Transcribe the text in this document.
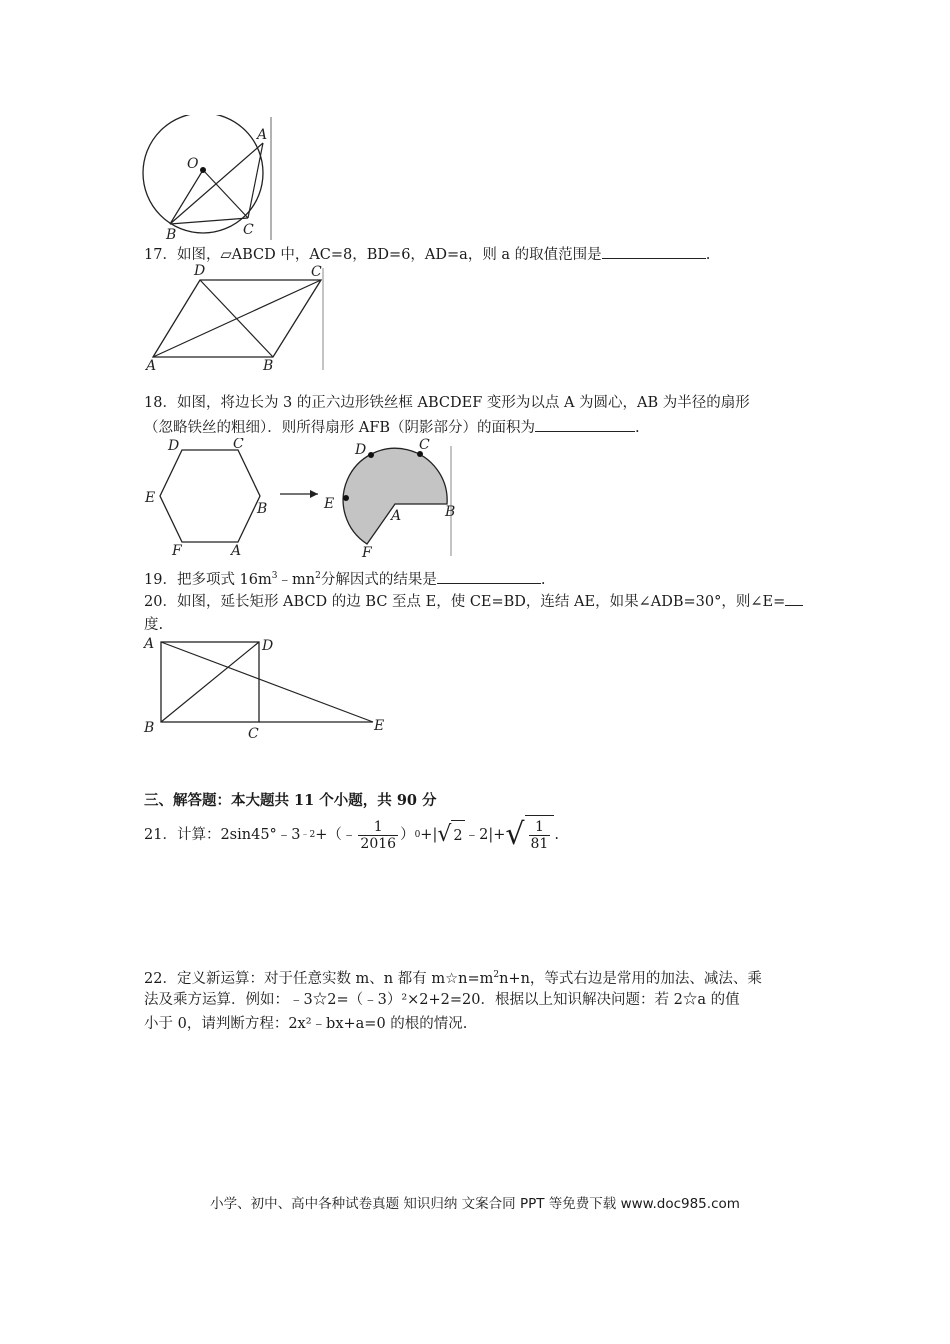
O
A
B	C
17．如图，▱ABCD 中，AC=8，BD=6，AD=a，则 a 的取值范围是	.
A	B
C
D
18．如图，将边长为 3 的正六边形铁丝框 ABCDEF 变形为以点 A 为圆心，AB 为半径的扇形
（忽略铁丝的粗细）．则所得扇形 AFB（阴影部分）的面积为	.
D	C
E
B
F	A
D	C
E
A	B
F
19．把多项式 $16m^3﹣mn^2$分解因式的结果是	.
20．如图，延长矩形 ABCD 的边 BC 至点 E，使 CE=BD，连结 AE，如果∠ADB=30°，则∠E=
度.
A	D
B	C	E
三、解答题：本大题共 11 个小题，共 90 分
21．计算：2sin45°﹣3 ﹣2 +（﹣ $\frac{1}{2016}$ ） 0 +| √ 2 ﹣2|+ √ $\frac{1}{81}$ .
22．定义新运算：对于任意实数 m、n 都有 $m☆n=m^2n+n$，等式右边是常用的加法、减法、乘
法及乘方运算．例如：﹣3☆2=（﹣3）²×2+2=20．根据以上知识解决问题：若 2☆a 的值
小于 0，请判断方程：2x²﹣bx+a=0 的根的情况.
小学、初中、高中各种试卷真题 知识归纳 文案合同 PPT 等免费下载 www.doc985.com
